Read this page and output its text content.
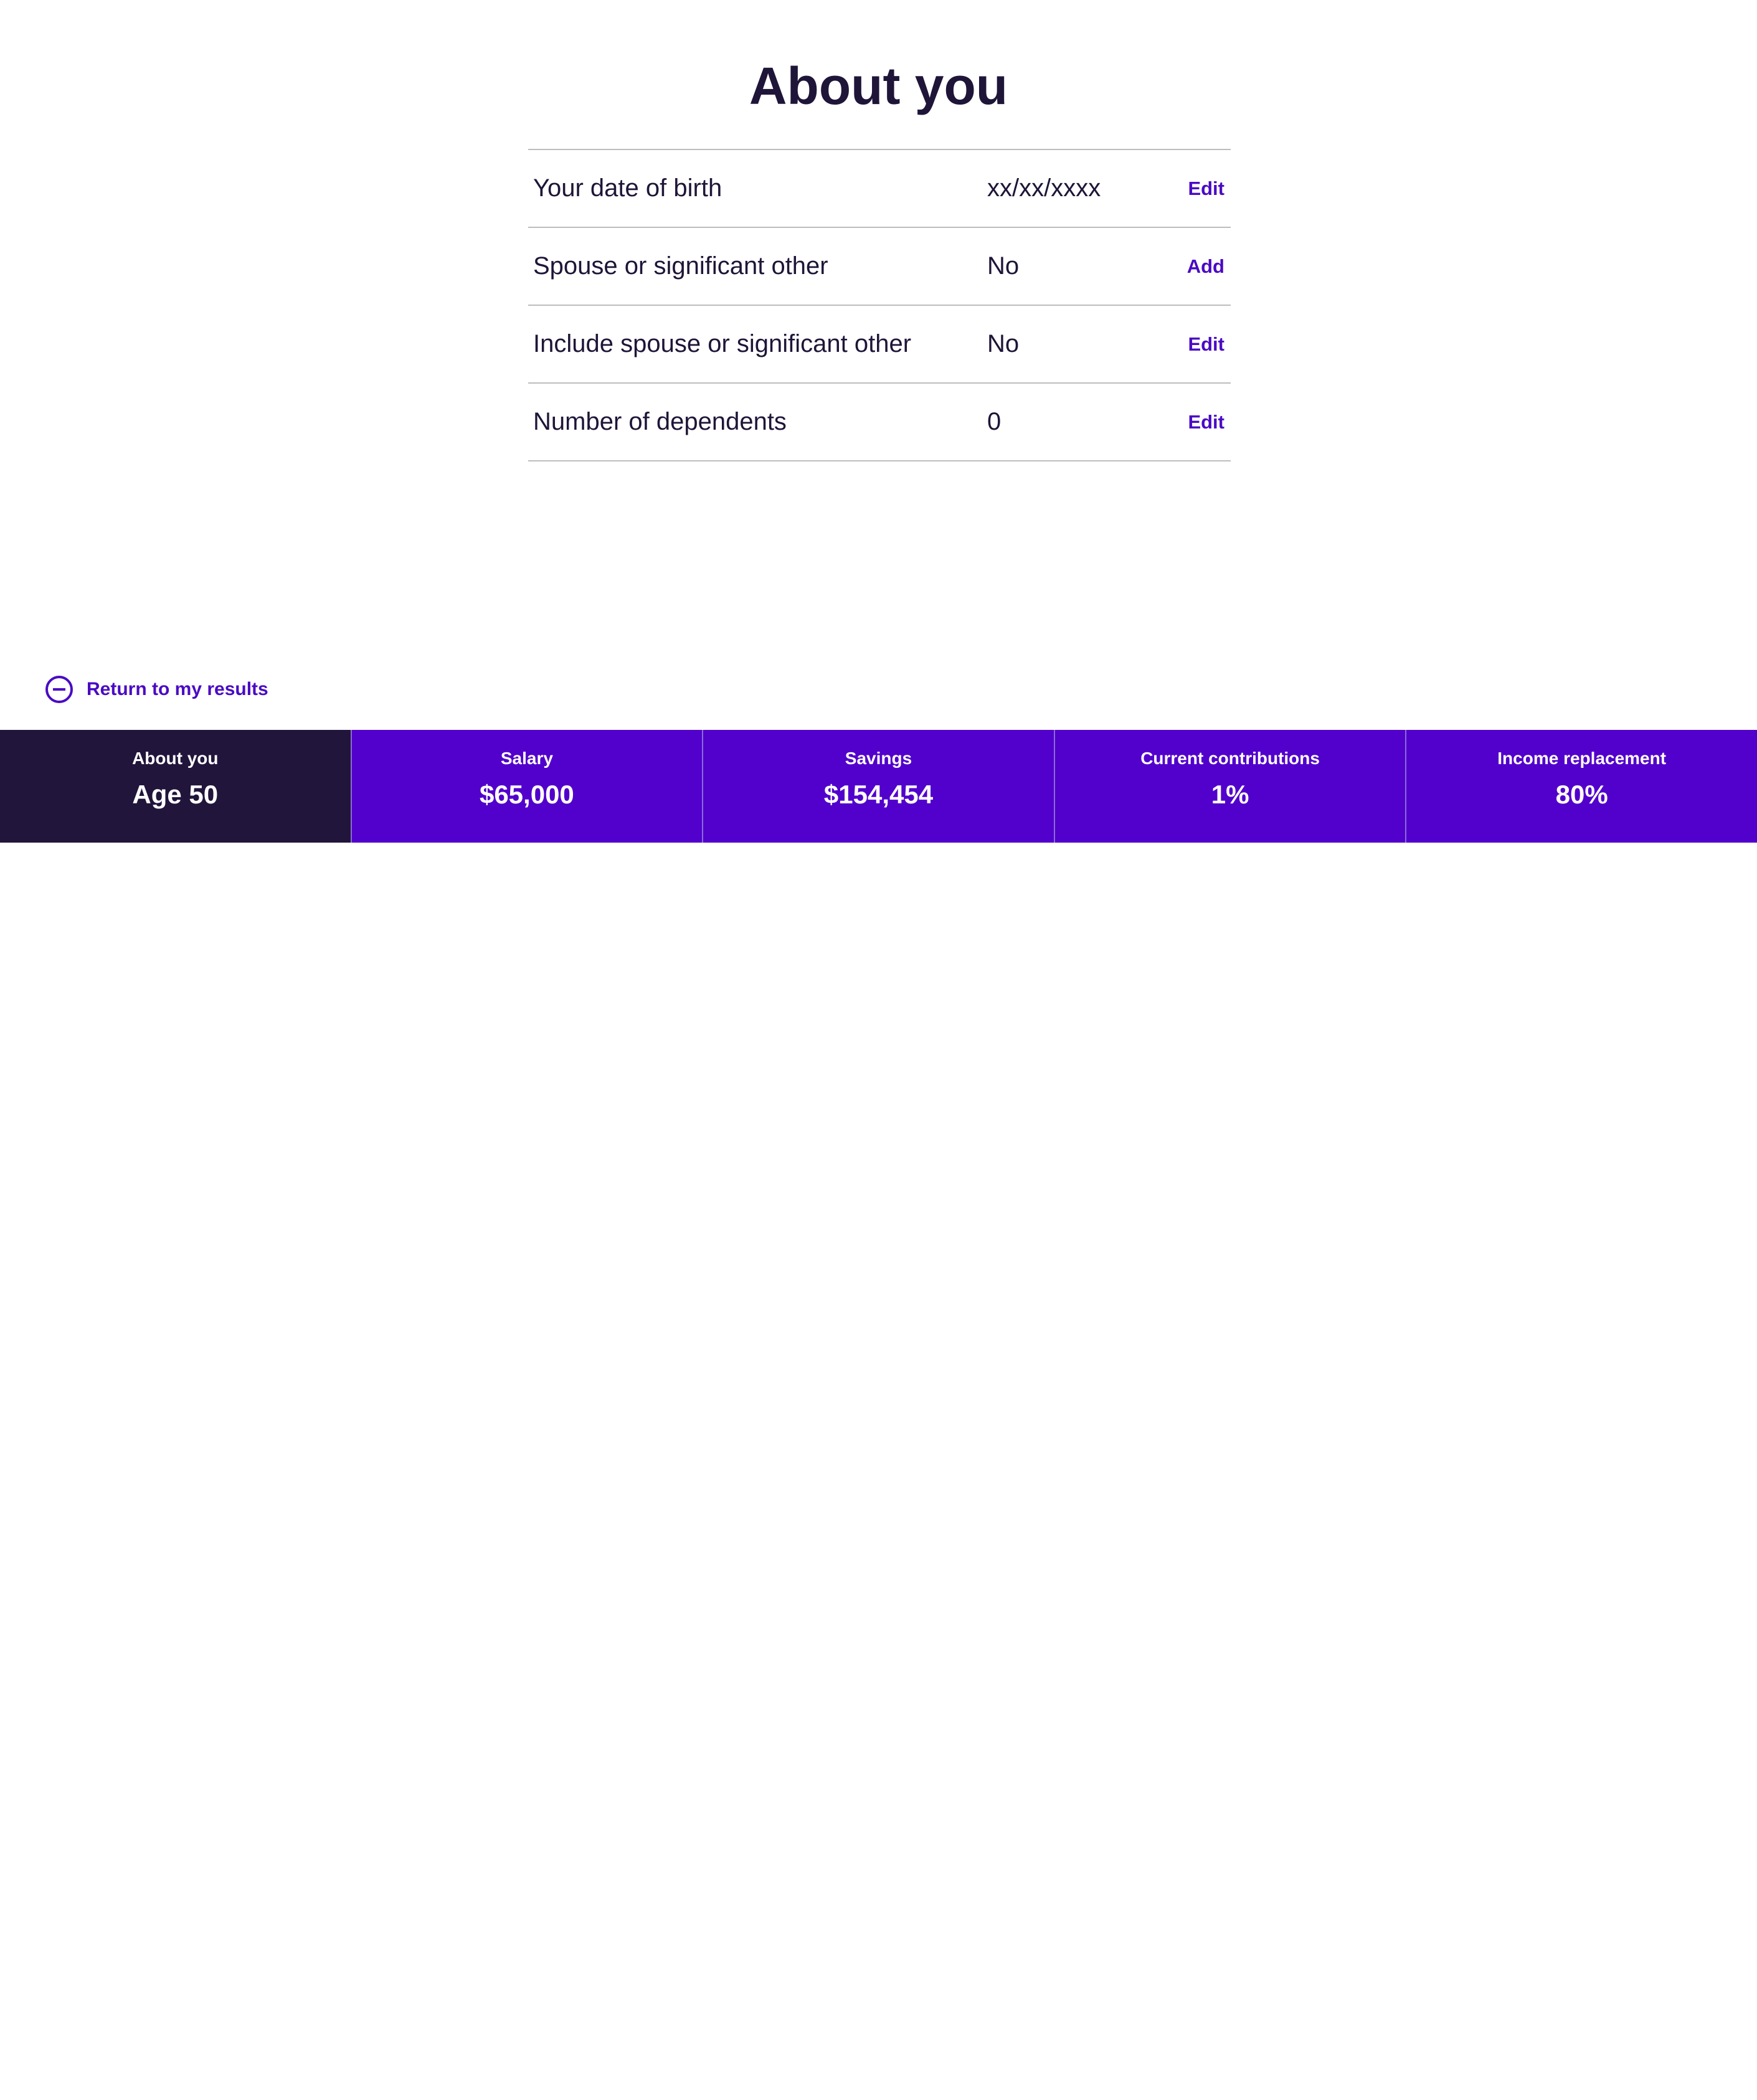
About you
Your date of birth	xx/xx/xxxx	Edit
Spouse or significant other	No	Add
Include spouse or significant other	No	Edit
Number of dependents	0	Edit
Return to my results
About you
Age 50
Salary
$65,000
Savings
$154,454
Current contributions
1%
Income replacement
80%
